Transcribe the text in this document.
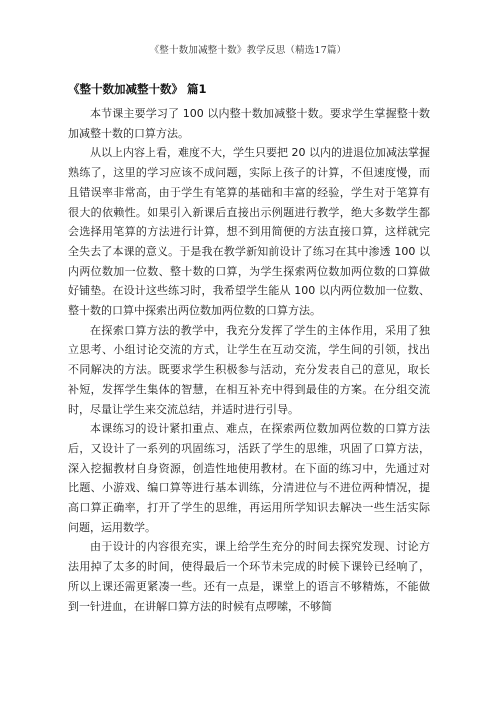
《整十数加减整十数》教学反思（精选17篇）
《整十数加减整十数》 篇1

本节课主要学习了 100 以内整十数加减整十数。要求学生掌握整十数加减整十数的口算方法。

从以上内容上看，难度不大，学生只要把 20 以内的进退位加减法掌握熟练了，这里的学习应该不成问题，实际上孩子的计算，不但速度慢，而且错误率非常高，由于学生有笔算的基础和丰富的经验，学生对于笔算有很大的依赖性。如果引入新课后直接出示例题进行教学，绝大多数学生都会选择用笔算的方法进行计算，想不到用简便的方法直接口算，这样就完全失去了本课的意义。于是我在教学新知前设计了练习在其中渗透 100 以内两位数加一位数、整十数的口算，为学生探索两位数加两位数的口算做好铺垫。在设计这些练习时，我希望学生能从 100 以内两位数加一位数、整十数的口算中探索出两位数加两位数的口算方法。

在探索口算方法的教学中，我充分发挥了学生的主体作用，采用了独立思考、小组讨论交流的方式，让学生在互动交流，学生间的引领，找出不同解决的方法。既要求学生积极参与活动，充分发表自己的意见，取长补短，发挥学生集体的智慧，在相互补充中得到最佳的方案。在分组交流时，尽量让学生来交流总结，并适时进行引导。

本课练习的设计紧扣重点、难点，在探索两位数加两位数的口算方法后，又设计了一系列的巩固练习，活跃了学生的思维，巩固了口算方法，深入挖掘教材自身资源，创造性地使用教材。在下面的练习中，先通过对比题、小游戏、编口算等进行基本训练，分清进位与不进位两种情况，提高口算正确率，打开了学生的思维，再运用所学知识去解决一些生活实际问题，运用数学。

由于设计的内容很充实，课上给学生充分的时间去探究发现、讨论方法用掉了太多的时间，使得最后一个环节未完成的时候下课铃已经响了，所以上课还需更紧凑一些。还有一点是，课堂上的语言不够精炼，不能做到一针进血，在讲解口算方法的时候有点啰嗦，不够简
